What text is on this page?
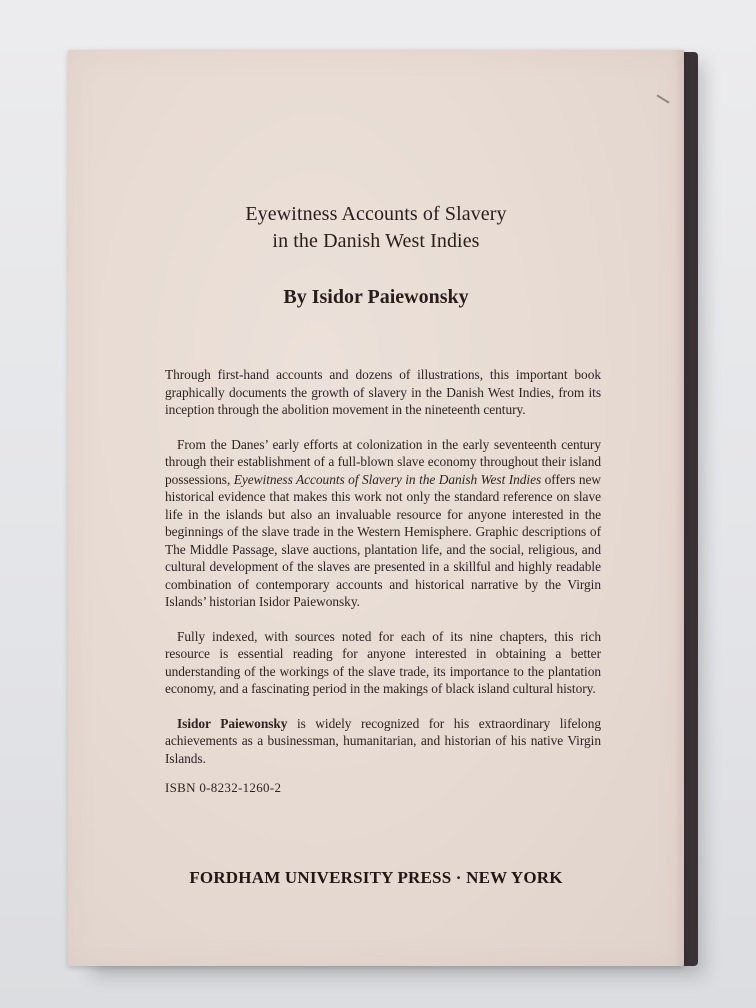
Eyewitness Accounts of Slavery
in the Danish West Indies
By Isidor Paiewonsky

Through first-hand accounts and dozens of illustrations, this important book graphically documents the growth of slavery in the Danish West Indies, from its inception through the abolition movement in the nineteenth century.

From the Danes’ early efforts at colonization in the early seventeenth century through their establishment of a full-blown slave economy throughout their island possessions, Eyewitness Accounts of Slavery in the Danish West Indies offers new historical evidence that makes this work not only the standard reference on slave life in the islands but also an invaluable resource for anyone interested in the beginnings of the slave trade in the Western Hemisphere. Graphic descriptions of The Middle Passage, slave auctions, plantation life, and the social, religious, and cultural development of the slaves are presented in a skillful and highly readable combination of contemporary accounts and historical narrative by the Virgin Islands’ historian Isidor Paiewonsky.

Fully indexed, with sources noted for each of its nine chapters, this rich resource is essential reading for anyone interested in obtaining a better understanding of the workings of the slave trade, its importance to the plantation economy, and a fascinating period in the makings of black island cultural history.

Isidor Paiewonsky is widely recognized for his extraordinary lifelong achievements as a businessman, humanitarian, and historian of his native Virgin Islands.

ISBN 0-8232-1260-2
FORDHAM UNIVERSITY PRESS · NEW YORK
